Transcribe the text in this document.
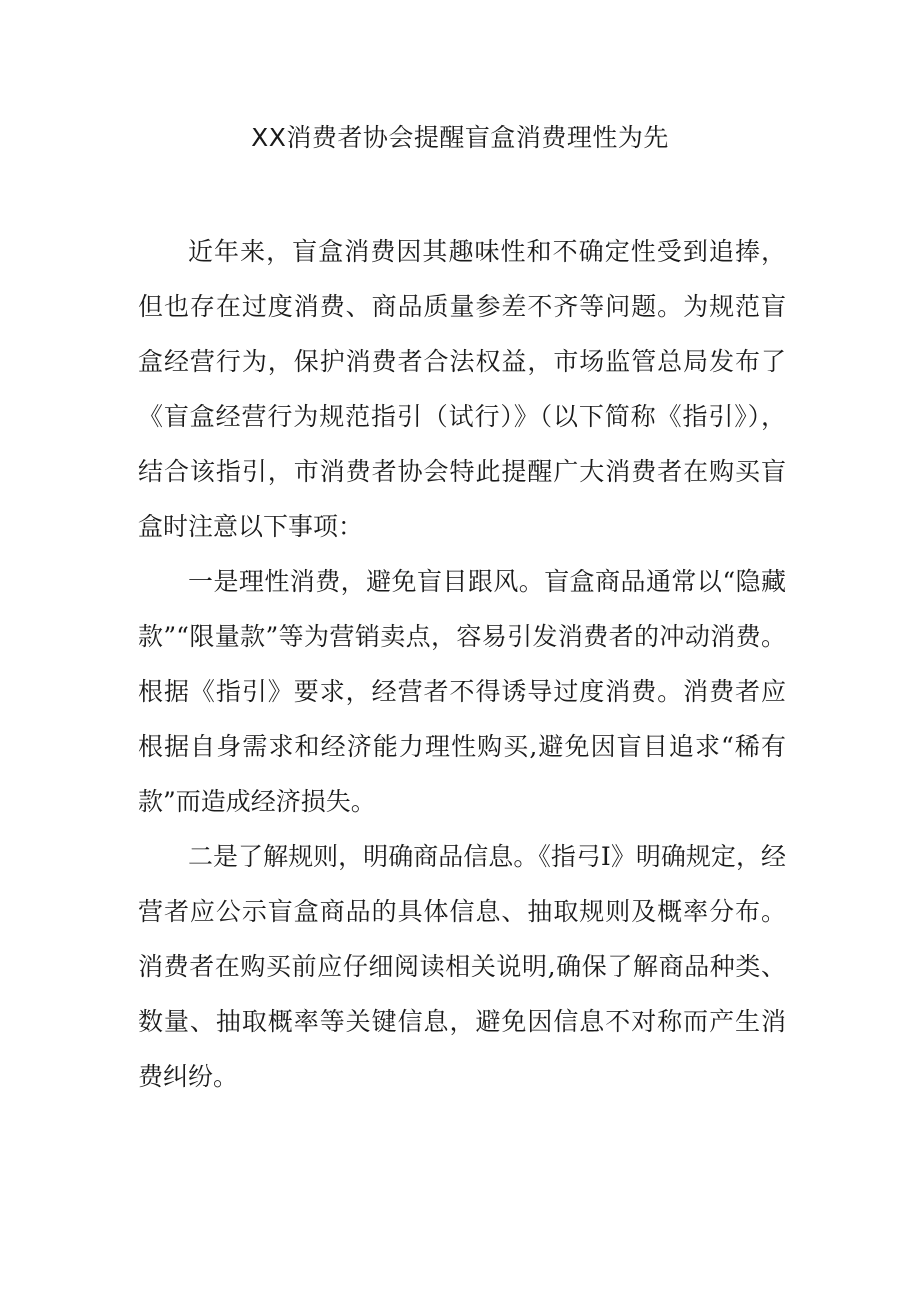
XX消费者协会提醒盲盒消费理性为先

近年来，盲盒消费因其趣味性和不确定性受到追捧，但也存在过度消费、商品质量参差不齐等问题。为规范盲盒经营行为，保护消费者合法权益，市场监管总局发布了《盲盒经营行为规范指引（试行）》（以下简称《指引》），结合该指引，市消费者协会特此提醒广大消费者在购买盲盒时注意以下事项：

一是理性消费，避免盲目跟风。盲盒商品通常以“隐藏款”“限量款”等为营销卖点，容易引发消费者的冲动消费。根据《指引》要求，经营者不得诱导过度消费。消费者应根据自身需求和经济能力理性购买,避免因盲目追求“稀有款”而造成经济损失。

二是了解规则，明确商品信息。《指弓I》明确规定，经营者应公示盲盒商品的具体信息、抽取规则及概率分布。消费者在购买前应仔细阅读相关说明,确保了解商品种类、数量、抽取概率等关键信息，避免因信息不对称而产生消费纠纷。
